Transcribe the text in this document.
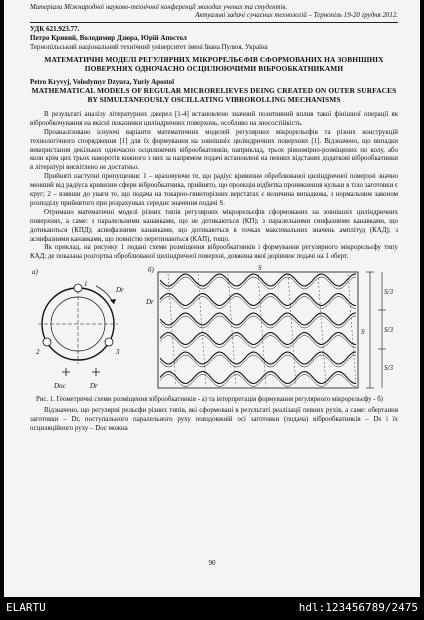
Матеріали Міжнародної науково-технічної конференції молодих учених та студентів.
Актуальні задачі сучасних технологій – Тернопіль 19-20 грудня 2012.
УДК 621.923.77.
Петро Кривий, Володимир Дзюра, Юрій Апостол
Тернопільський національний технічний університет імені Івана Пулюя, Україна
МАТЕМАТИЧНІ МОДЕЛІ РЕГУЛЯРНИХ МІКРОРЕЛЬЄФІВ СФОРМОВАНИХ НА ЗОВНІШНІХ ПОВЕРХНЯХ ОДНОЧАСНО ОСЦИЛЮЮЧИМИ ВІБРООБКАТНИКАМИ
Petro Kryvyj, Volodymyr Dzyura, Yuriy Apostol
MATHEMATICAL MODELS OF REGULAR MICRORELIEVES DEING CREATED ON OUTER SURFACES BY SIMULTANEOUSLY OSCILLATING VIBROROLLING MECHANISMS
В результаті аналізу літературних джерел [1-4] встановлено значний позитивний вплив такої фінішної операції як віброобкочування на якісні показники циліндричних поверхонь, особливо на зносостійкість.
Проаналізовано існуючі варіанти математичних моделей регулярних мікрорельєфів та різних конструкцій технологічного спорядження [1] для їх формування на зовнішніх циліндричних поверхнях [1]. Відзначено, що випадки використання декількох одночасно осцилюючих віброобкатників, наприклад, трьох рівномірно-розміщених по колу, або коли крім цих трьох наворотів кожного з них за напрямом подачі встановлені на певних відстанях додаткові віброобкатники в літературі висвітлено не достатньо.
Прийняті наступні припущення: 1 – враховуючи те, що радіус кривизни оброблюваної циліндричної поверхні значно менший від радіуса кривизни сфери віброобкатника, прийнято, що проекція відбитка проникнення кульки в тіло заготовки є круг; 2 – взявши до уваги те, що подача на токарно-гвинторізних верстатах є величина випадкова, з нормальним законом розподілу прийнятого при розрахунках середнє значення подачі S.
Отримано математичні моделі різних типів регулярних мікрорельєфів сформованих на зовнішніх циліндричних поверхнях, а саме: з паралельними канавками, що не дотикаються (КП); з паралельними синфазними канавками, що дотикаються (КПД); асинфазними канавками, що дотикаються в точках максимальних значень амплітуд (КАД); з асинфазними канавками, що повністю перетинаються (КАП), тощо.
Як приклад, на рисунку 1 подані схеми розміщення віброобкатників і формування регулярного мікрорельєфу типу КАД; де показана розгортка оброблюваної циліндричної поверхні, довжина якої дорівнює подачі на 1 оберт.
а)
Dr
1
2	3
Dос	Dr
б)
Dr
S
S
S/3
S/3
S/3
Рис. 1. Геометричні схеми розміщення віброобкатників - а) та інтерпретація формування регулярного мікрорельєфу - б)
Відзначено, що регулярні рельєфи різних типів, які сформовані в результаті реалізації певних рухів, а саме: обертання заготовки – Dr, поступального паралельного руху повздовжній осі заготовки (подача) віброобкатників – Ds і їх осциляційного руху – Dос можна
90
ELARTU	hdl:123456789/2475
